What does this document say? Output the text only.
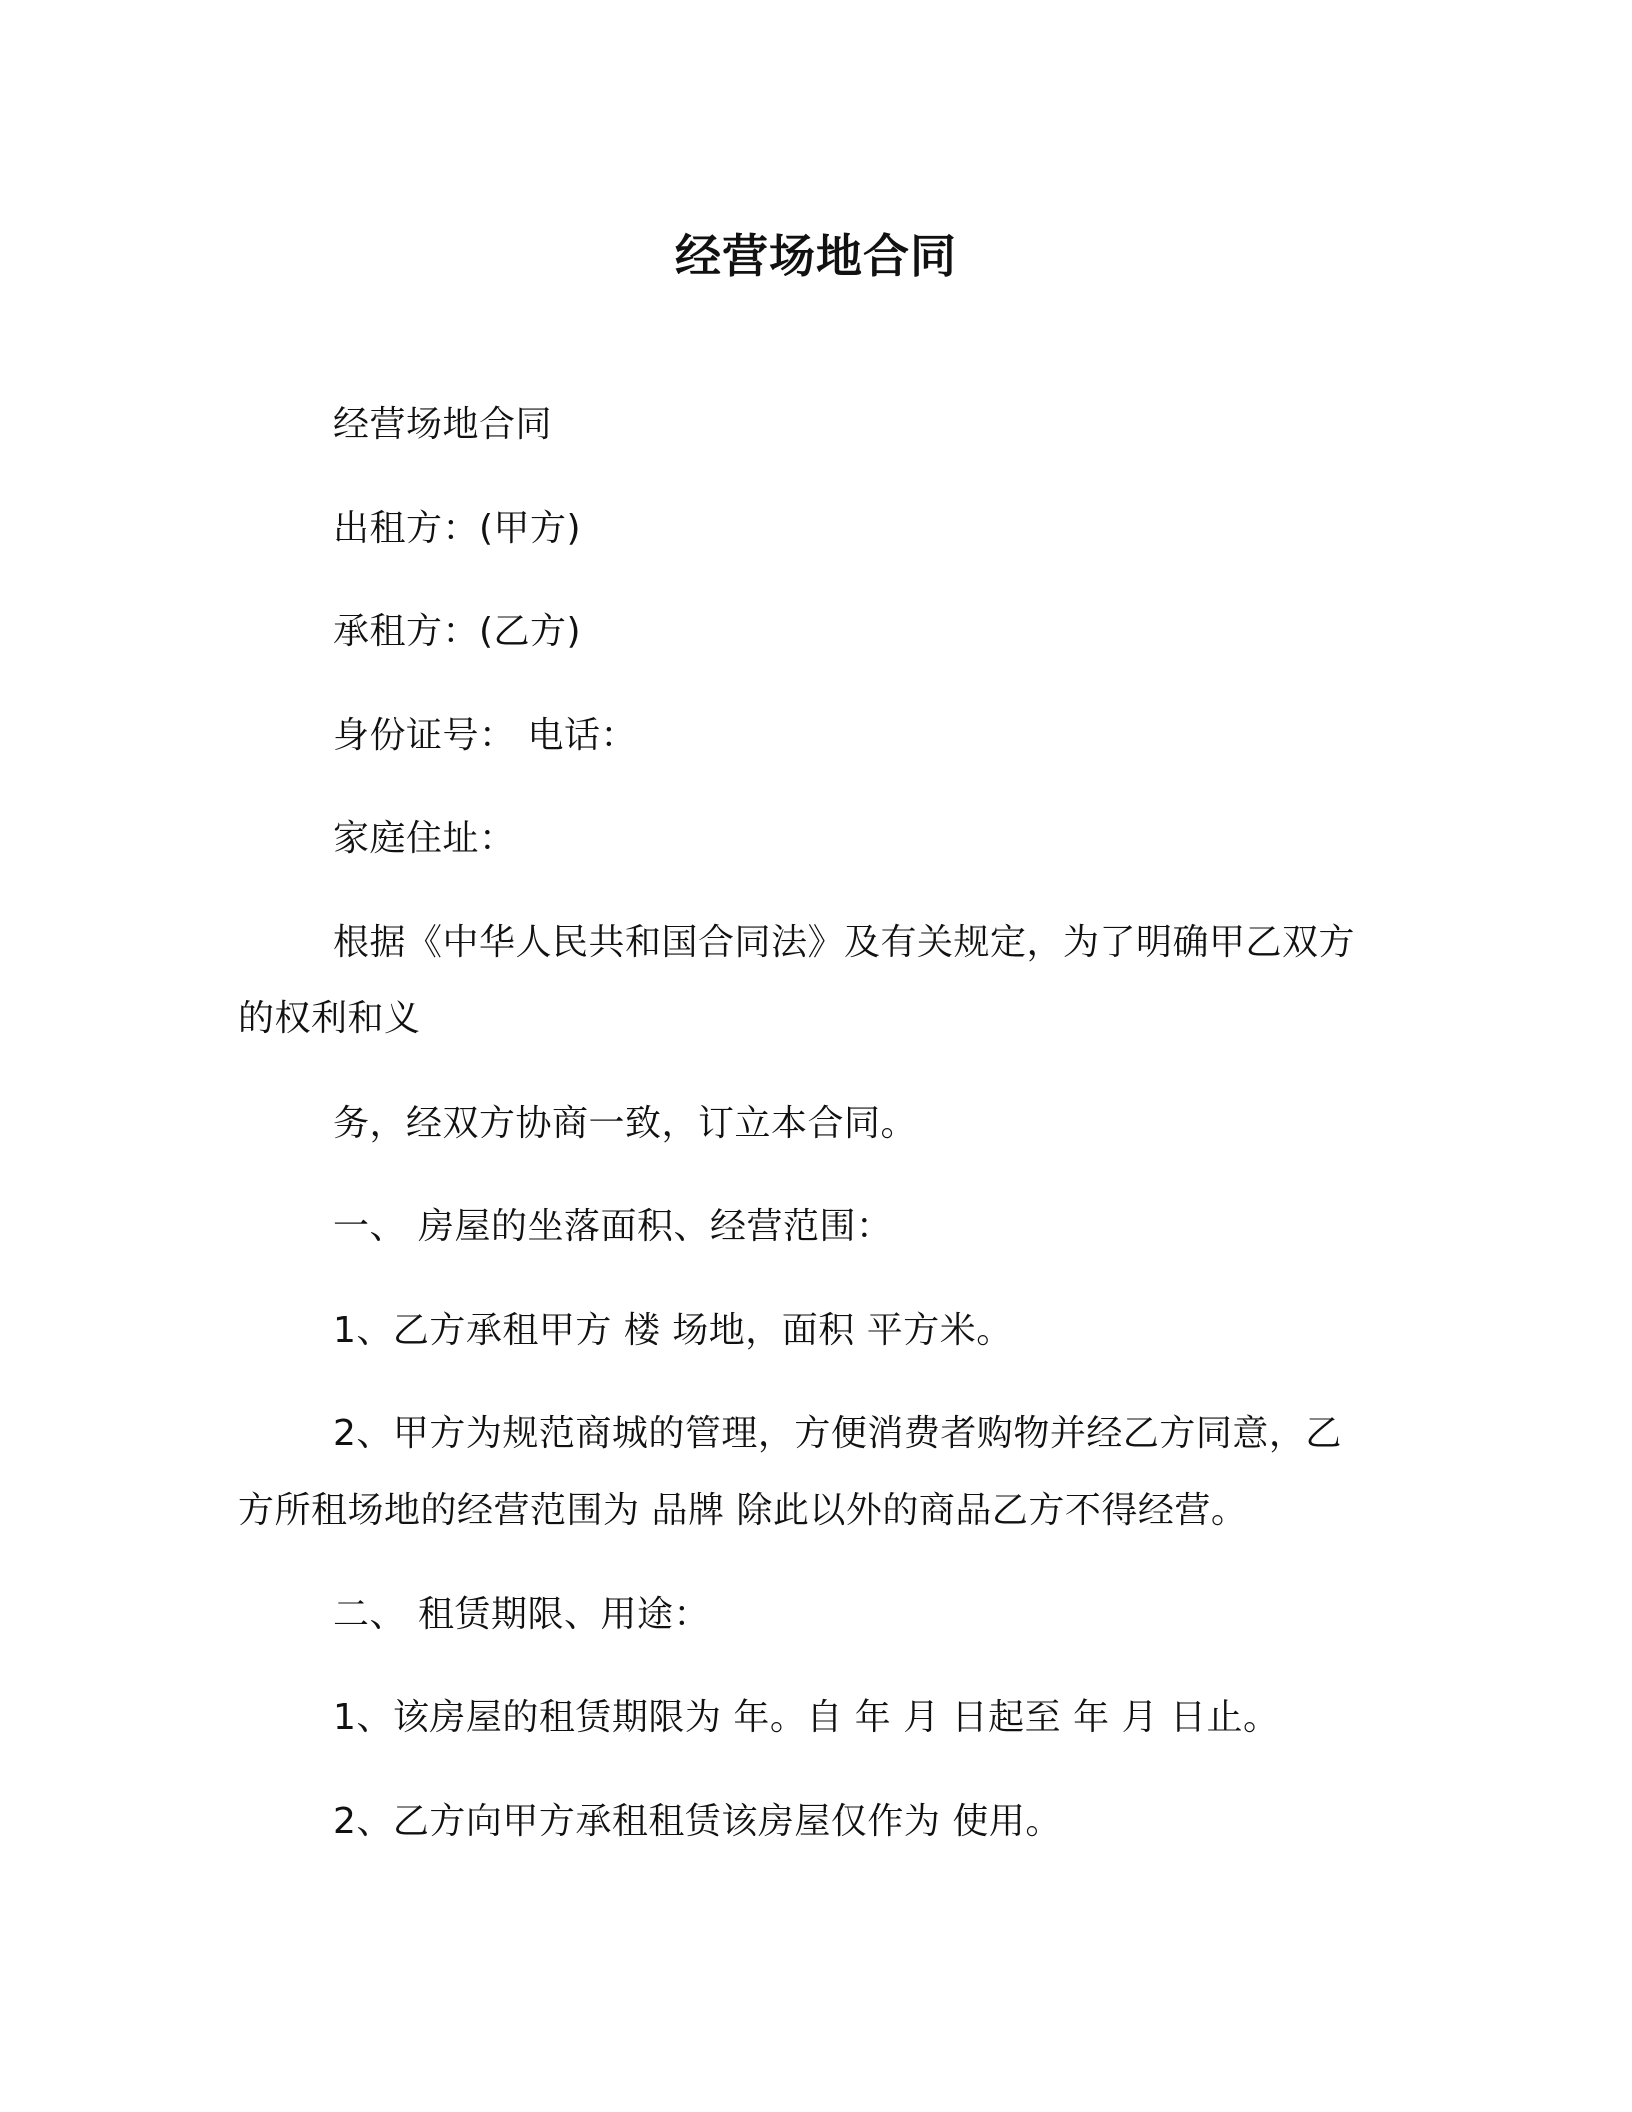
经营场地合同
经营场地合同
出租方：(甲方)
承租方：(乙方)
身份证号： 电话：
家庭住址：
根据《中华人民共和国合同法》及有关规定，为了明确甲乙双方
的权利和义
务，经双方协商一致，订立本合同。
一、 房屋的坐落面积、经营范围：
1、乙方承租甲方 楼 场地，面积 平方米。
2、甲方为规范商城的管理，方便消费者购物并经乙方同意，乙
方所租场地的经营范围为 品牌 除此以外的商品乙方不得经营。
二、 租赁期限、用途：
1、该房屋的租赁期限为 年。自 年 月 日起至 年 月 日止。
2、乙方向甲方承租租赁该房屋仅作为 使用。
